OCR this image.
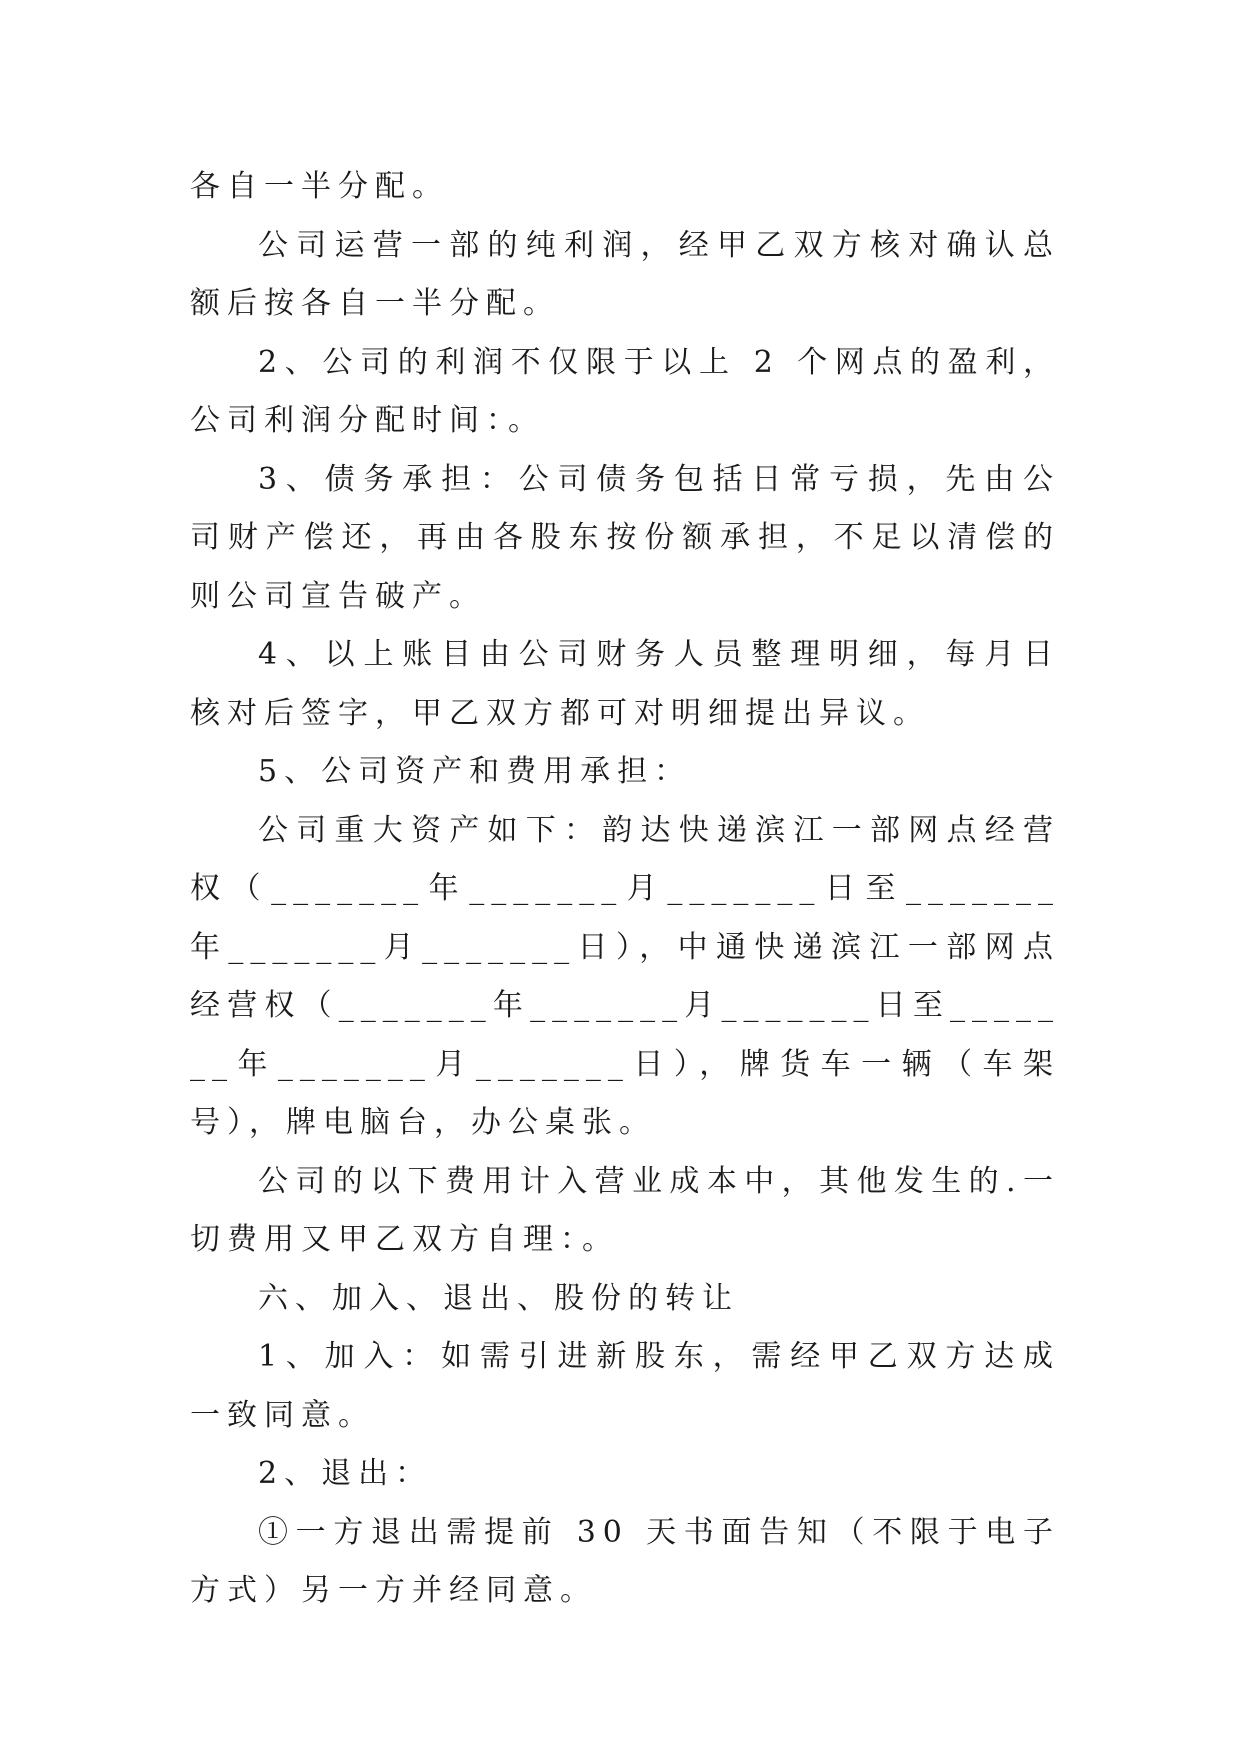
各自一半分配。

公司运营一部的纯利润，经甲乙双方核对确认总额后按各自一半分配。

2、公司的利润不仅限于以上 2 个网点的盈利，公司利润分配时间：。

3、债务承担：公司债务包括日常亏损，先由公司财产偿还，再由各股东按份额承担，不足以清偿的则公司宣告破产。

4、以上账目由公司财务人员整理明细，每月日核对后签字，甲乙双方都可对明细提出异议。

5、公司资产和费用承担：

公司重大资产如下：韵达快递滨江一部网点经营权（_______年_______月_______日至_______年_______月_______日），中通快递滨江一部网点经营权（_______年_______月_______日至_______年_______月_______日），牌货车一辆（车架号），牌电脑台，办公桌张。

公司的以下费用计入营业成本中，其他发生的.一切费用又甲乙双方自理：。

六、加入、退出、股份的转让

1、加入：如需引进新股东，需经甲乙双方达成一致同意。

2、退出：

①一方退出需提前 30 天书面告知（不限于电子方式）另一方并经同意。
